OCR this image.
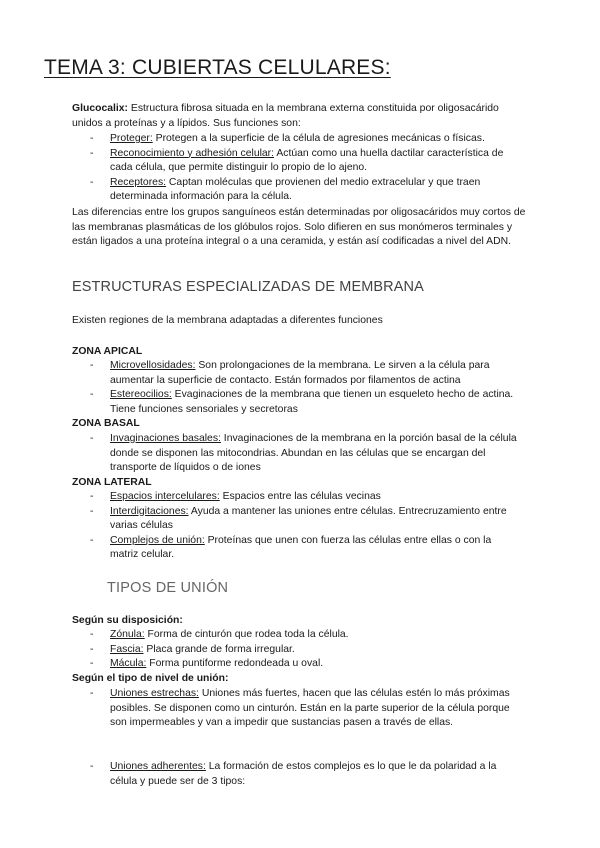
TEMA 3: CUBIERTAS CELULARES:

Glucocalix: Estructura fibrosa situada en la membrana externa constituida por oligosacárido unidos a proteínas y a lípidos. Sus funciones son:

- Proteger: Protegen a la superficie de la célula de agresiones mecánicas o físicas.
- Reconocimiento y adhesión celular: Actúan como una huella dactilar característica de cada célula, que permite distinguir lo propio de lo ajeno.
- Receptores: Captan moléculas que provienen del medio extracelular y que traen determinada información para la célula.

Las diferencias entre los grupos sanguíneos están determinadas por oligosacáridos muy cortos de las membranas plasmáticas de los glóbulos rojos. Solo difieren en sus monómeros terminales y están ligados a una proteína integral o a una ceramida, y están así codificadas a nivel del ADN.

ESTRUCTURAS ESPECIALIZADAS DE MEMBRANA

Existen regiones de la membrana adaptadas a diferentes funciones

ZONA APICAL

- Microvellosidades: Son prolongaciones de la membrana. Le sirven a la célula para aumentar la superficie de contacto. Están formados por filamentos de actina
- Estereocilios: Evaginaciones de la membrana que tienen un esqueleto hecho de actina. Tiene funciones sensoriales y secretoras

ZONA BASAL

- Invaginaciones basales: Invaginaciones de la membrana en la porción basal de la célula donde se disponen las mitocondrias. Abundan en las células que se encargan del transporte de líquidos o de iones

ZONA LATERAL

- Espacios intercelulares: Espacios entre las células vecinas
- Interdigitaciones: Ayuda a mantener las uniones entre células. Entrecruzamiento entre varias células
- Complejos de unión: Proteínas que unen con fuerza las células entre ellas o con la matriz celular.
TIPOS DE UNIÓN

Según su disposición:

- Zónula: Forma de cinturón que rodea toda la célula.
- Fascia: Placa grande de forma irregular.
- Mácula: Forma puntiforme redondeada u oval.

Según el tipo de nivel de unión:

- Uniones estrechas: Uniones más fuertes, hacen que las células estén lo más próximas posibles. Se disponen como un cinturón. Están en la parte superior de la célula porque son impermeables y van a impedir que sustancias pasen a través de ellas.
- Uniones adherentes: La formación de estos complejos es lo que le da polaridad a la célula y puede ser de 3 tipos:
